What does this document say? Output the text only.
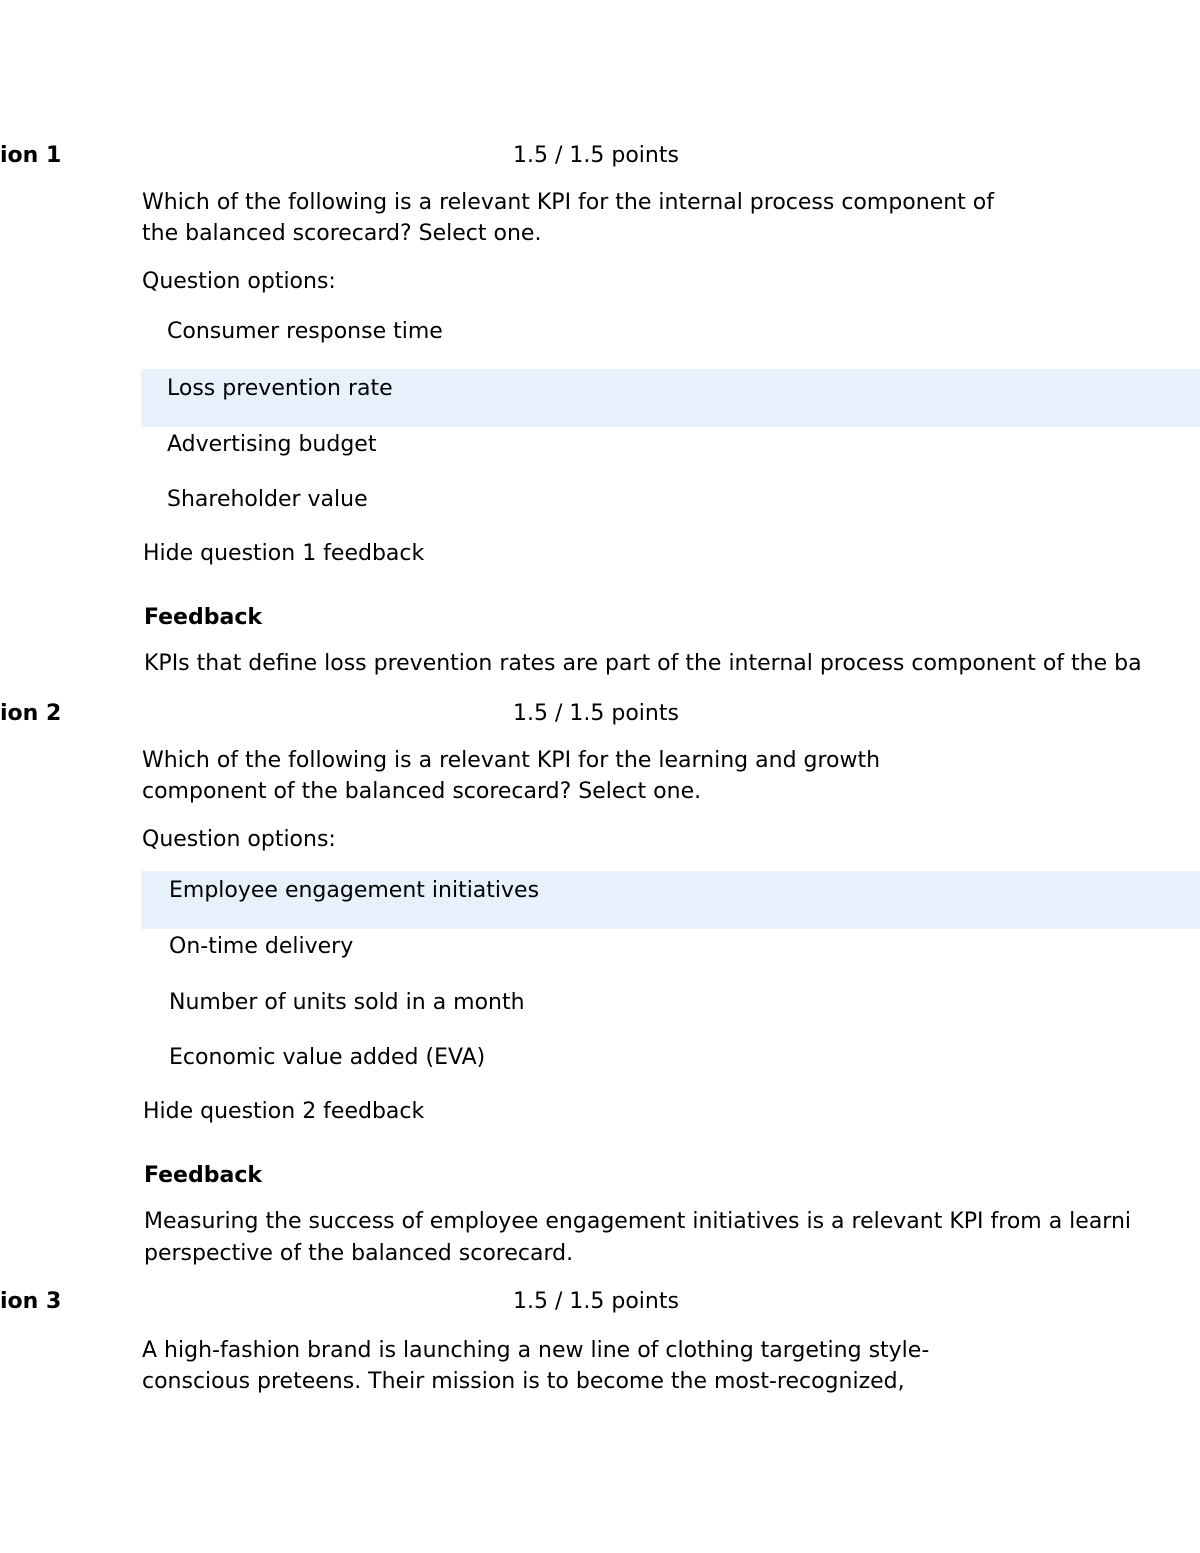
ion 1	1.5 / 1.5 points
Which of the following is a relevant KPI for the internal process component of
the balanced scorecard? Select one.
Question options:
Consumer response time
Loss prevention rate
Advertising budget
Shareholder value
Hide question 1 feedback
Feedback
KPIs that define loss prevention rates are part of the internal process component of the ba
ion 2	1.5 / 1.5 points
Which of the following is a relevant KPI for the learning and growth
component of the balanced scorecard? Select one.
Question options:
Employee engagement initiatives
On-time delivery
Number of units sold in a month
Economic value added (EVA)
Hide question 2 feedback
Feedback
Measuring the success of employee engagement initiatives is a relevant KPI from a learni
perspective of the balanced scorecard.
ion 3	1.5 / 1.5 points
A high-fashion brand is launching a new line of clothing targeting style-
conscious preteens. Their mission is to become the most-recognized,
